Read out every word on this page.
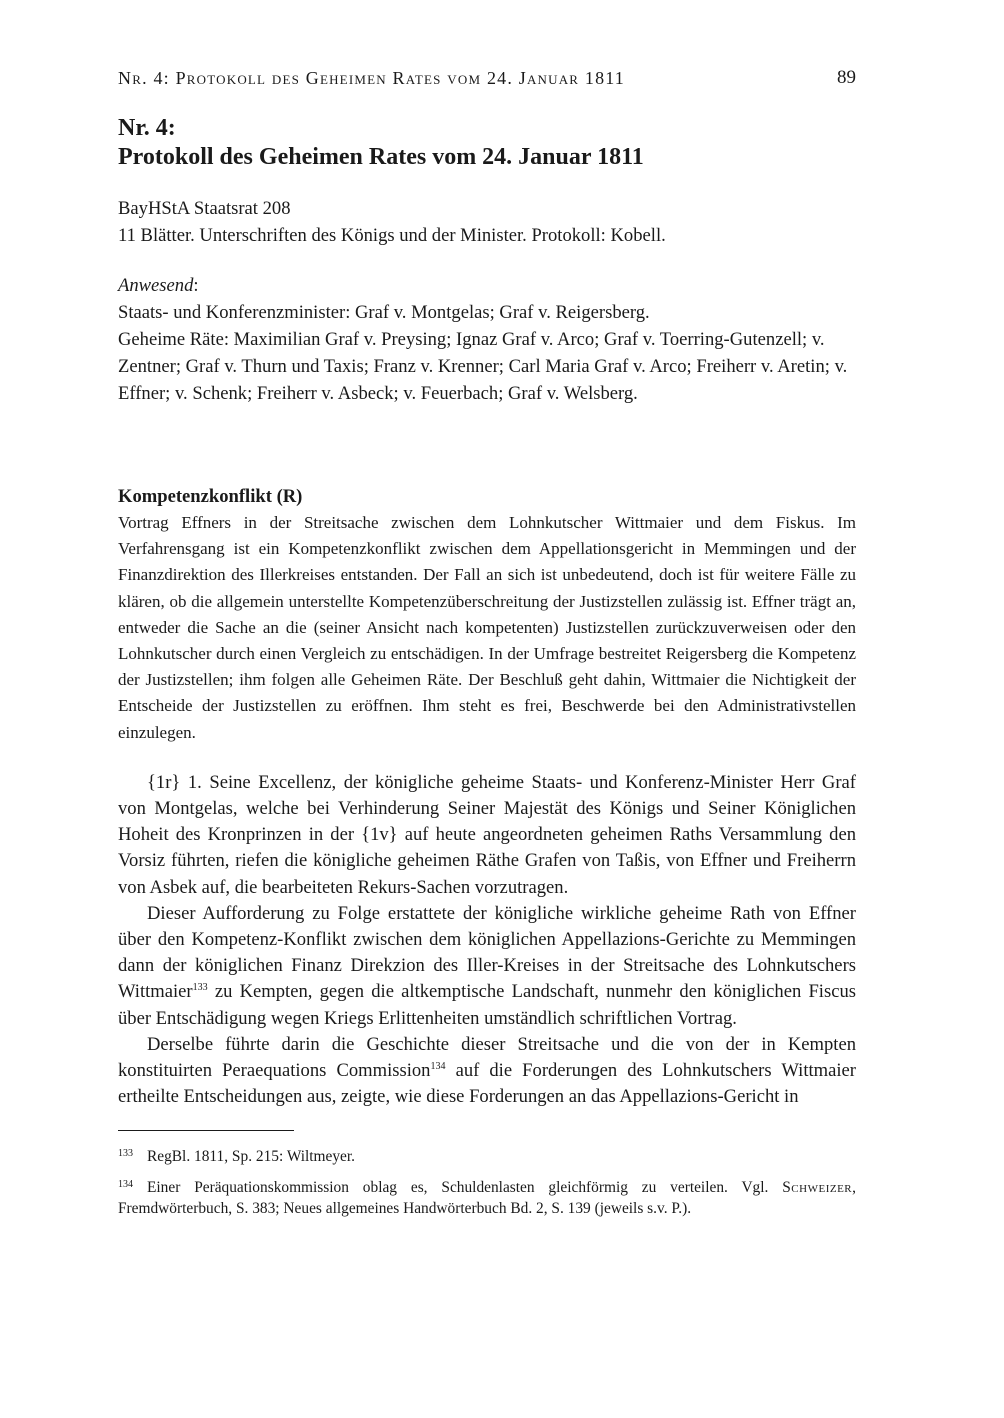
Nr. 4: Protokoll des Geheimen Rates vom 24. Januar 1811	89
Nr. 4:
Protokoll des Geheimen Rates vom 24. Januar 1811
BayHStA Staatsrat 208
11 Blätter. Unterschriften des Königs und der Minister. Protokoll: Kobell.
Anwesend:
Staats- und Konferenzminister: Graf v. Montgelas; Graf v. Reigersberg.
Geheime Räte: Maximilian Graf v. Preysing; Ignaz Graf v. Arco; Graf v. Toerring-Gutenzell; v. Zentner; Graf v. Thurn und Taxis; Franz v. Krenner; Carl Maria Graf v. Arco; Freiherr v. Aretin; v. Effner; v. Schenk; Freiherr v. Asbeck; v. Feuerbach; Graf v. Welsberg.
Kompetenzkonflikt (R)

Vortrag Effners in der Streitsache zwischen dem Lohnkutscher Wittmaier und dem Fiskus. Im Verfahrensgang ist ein Kompetenzkonflikt zwischen dem Appellationsgericht in Memmingen und der Finanzdirektion des Illerkreises entstanden. Der Fall an sich ist unbedeutend, doch ist für weitere Fälle zu klären, ob die allgemein unterstellte Kompetenzüberschreitung der Justizstellen zulässig ist. Effner trägt an, entweder die Sache an die (seiner Ansicht nach kompetenten) Justizstellen zurückzuverweisen oder den Lohnkutscher durch einen Vergleich zu entschädigen. In der Umfrage bestreitet Reigersberg die Kompetenz der Justizstellen; ihm folgen alle Geheimen Räte. Der Beschluß geht dahin, Wittmaier die Nichtigkeit der Entscheide der Justizstellen zu eröffnen. Ihm steht es frei, Beschwerde bei den Administrativstellen einzulegen.

{1r} 1. Seine Excellenz, der königliche geheime Staats- und Konferenz-Minister Herr Graf von Montgelas, welche bei Verhinderung Seiner Majestät des Königs und Seiner Königlichen Hoheit des Kronprinzen in der {1v} auf heute angeordneten geheimen Raths Versammlung den Vorsiz führten, riefen die königliche geheimen Räthe Grafen von Taßis, von Effner und Freiherrn von Asbek auf, die bearbeiteten Rekurs-Sachen vorzutragen.

Dieser Aufforderung zu Folge erstattete der königliche wirkliche geheime Rath von Effner über den Kompetenz-Konflikt zwischen dem königlichen Appellazions-Gerichte zu Memmingen dann der königlichen Finanz Direkzion des Iller-Kreises in der Streitsache des Lohnkutschers Wittmaier$^{133}$ zu Kempten, gegen die altkemptische Landschaft, nunmehr den königlichen Fiscus über Entschädigung wegen Kriegs Erlittenheiten umständlich schriftlichen Vortrag.

Derselbe führte darin die Geschichte dieser Streitsache und die von der in Kempten konstituirten Peraequations Commission$^{134}$ auf die Forderungen des Lohnkutschers Wittmaier ertheilte Entscheidungen aus, zeigte, wie diese Forderungen an das Appellazions-Gericht in

$^{133}$ RegBl. 1811, Sp. 215: Wiltmeyer.
$^{134}$ Einer Peräquationskommission oblag es, Schuldenlasten gleichförmig zu verteilen. Vgl. Schweizer, Fremdwörterbuch, S. 383; Neues allgemeines Handwörterbuch Bd. 2, S. 139 (jeweils s.v. P.).
